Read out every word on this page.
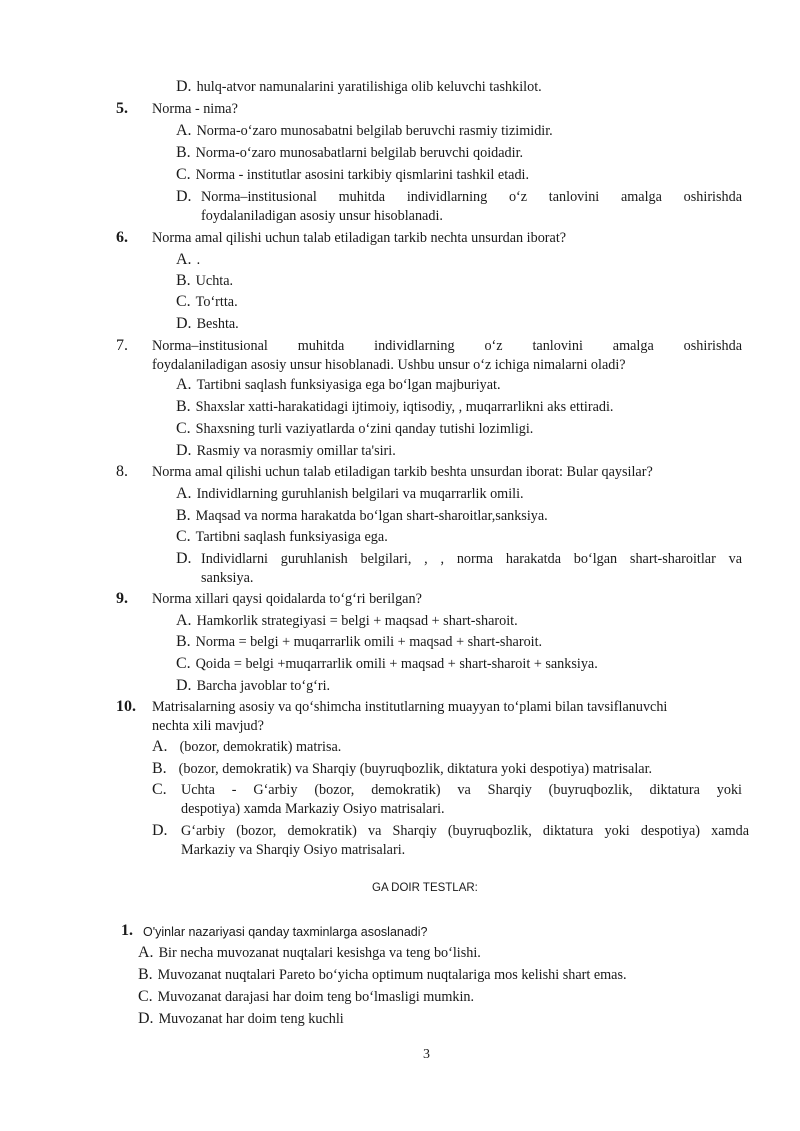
D. hulq-atvor namunalarini yaratilishiga olib keluvchi tashkilot.
5. Norma - nima?
A. Norma-o‘zaro munosabatni belgilab beruvchi rasmiy tizimidir.
B. Norma-o‘zaro munosabatlarni belgilab beruvchi qoidadir.
C. Norma - institutlar asosini tarkibiy qismlarini tashkil etadi.
D. Norma–institusional muhitda individlarning o‘z tanlovini amalga oshirishda
foydalaniladigan asosiy unsur hisoblanadi.
6. Norma amal qilishi uchun talab etiladigan tarkib nechta unsurdan iborat?
A. .
B. Uchta.
C. To‘rtta.
D. Beshta.
7. Norma–institusional muhitda individlarning o‘z tanlovini amalga oshirishda
foydalaniladigan asosiy unsur hisoblanadi. Ushbu unsur o‘z ichiga nimalarni oladi?
A. Tartibni saqlash funksiyasiga ega bo‘lgan majburiyat.
B. Shaxslar xatti-harakatidagi ijtimoiy, iqtisodiy, , muqarrarlikni aks ettiradi.
C. Shaxsning turli vaziyatlarda o‘zini qanday tutishi lozimligi.
D. Rasmiy va norasmiy omillar ta'siri.
8. Norma amal qilishi uchun talab etiladigan tarkib beshta unsurdan iborat: Bular qaysilar?
A. Individlarning guruhlanish belgilari va muqarrarlik omili.
B. Maqsad va norma harakatda bo‘lgan shart-sharoitlar,sanksiya.
C. Tartibni saqlash funksiyasiga ega.
D. Individlarni guruhlanish belgilari, , , norma harakatda bo‘lgan shart-sharoitlar va
sanksiya.
9. Norma xillari qaysi qoidalarda to‘g‘ri berilgan?
A. Hamkorlik strategiyasi = belgi + maqsad + shart-sharoit.
B. Norma = belgi + muqarrarlik omili + maqsad + shart-sharoit.
C. Qoida = belgi +muqarrarlik omili + maqsad + shart-sharoit + sanksiya.
D. Barcha javoblar to‘g‘ri.
10. Matrisalarning asosiy va qo‘shimcha institutlarning muayyan to‘plami bilan tavsiflanuvchi
nechta xili mavjud?
A. (bozor, demokratik) matrisa.
B. (bozor, demokratik) va Sharqiy (buyruqbozlik, diktatura yoki despotiya) matrisalar.
C.	Uchta - G‘arbiy (bozor, demokratik) va Sharqiy (buyruqbozlik, diktatura yoki
despotiya) xamda Markaziy Osiyo matrisalari.
D. G‘arbiy (bozor, demokratik) va Sharqiy (buyruqbozlik, diktatura yoki despotiya) xamda
Markaziy va Sharqiy Osiyo matrisalari.
GA DOIR TESTLAR:
1. O'yinlar nazariyasi qanday taxminlarga asoslanadi?
A. Bir necha muvozanat nuqtalari kesishga va teng bo‘lishi.
B. Muvozanat nuqtalari Pareto bo‘yicha optimum nuqtalariga mos kelishi shart emas.
C. Muvozanat darajasi har doim teng bo‘lmasligi mumkin.
D. Muvozanat har doim teng kuchli
3
